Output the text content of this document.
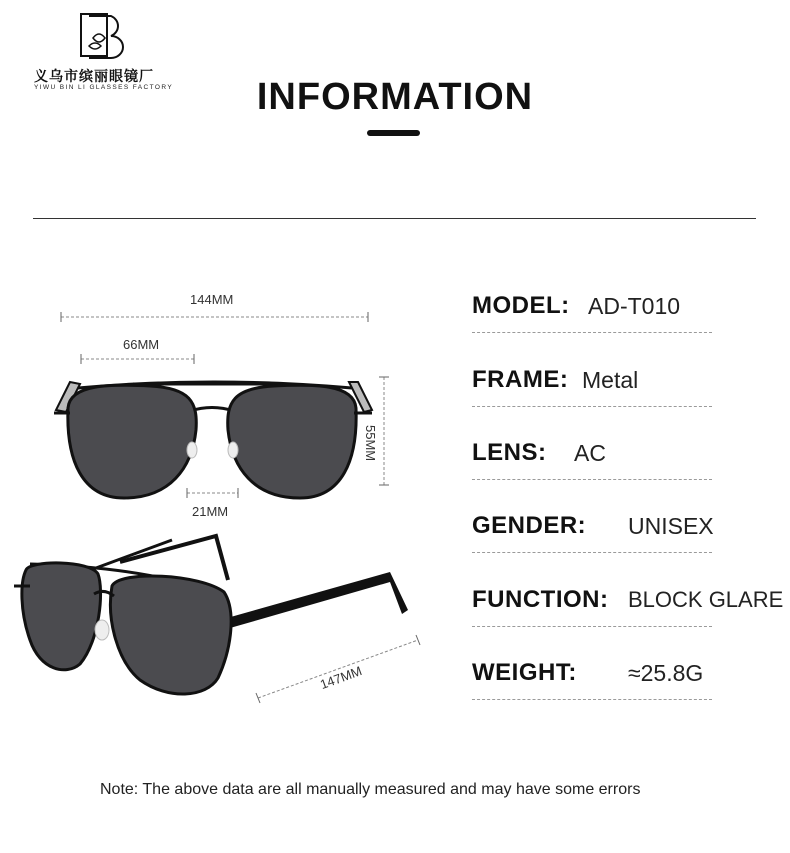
义乌市缤丽眼镜厂
YIWU BIN LI GLASSES FACTORY	INFORMATION
144MM
66MM
55MM
21MM
147MM
MODEL: AD-T010
FRAME: Metal
LENS: AC
GENDER: UNISEX
FUNCTION: BLOCK GLARE
WEIGHT: ≈25.8G
Note: The above data are all manually measured and may have some errors
